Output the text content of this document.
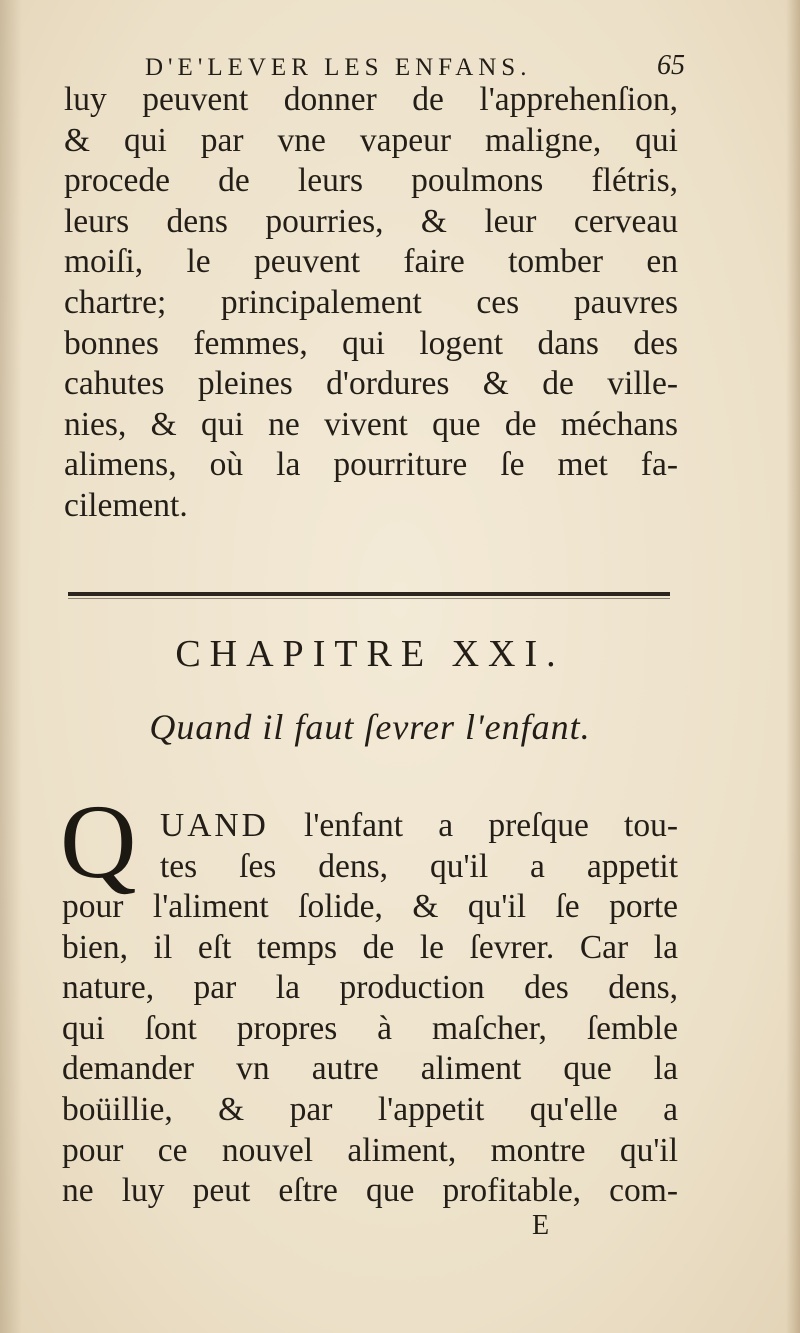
D'E'LEVER LES ENFANS.	65
luy peuvent donner de l'apprehenſion,
& qui par vne vapeur maligne, qui
procede de leurs poulmons flétris,
leurs dens pourries, & leur cerveau
moiſi, le peuvent faire tomber en
chartre; principalement ces pauvres
bonnes femmes, qui logent dans des
cahutes pleines d'ordures & de ville-
nies, & qui ne vivent que de méchans
alimens, où la pourriture ſe met fa-
cilement.
CHAPITRE XXI.
Quand il faut ſevrer l'enfant.
Q UAND l'enfant a preſque tou-
tes ſes dens, qu'il a appetit
pour l'aliment ſolide, & qu'il ſe porte
bien, il eſt temps de le ſevrer. Car la
nature, par la production des dens,
qui ſont propres à maſcher, ſemble
demander vn autre aliment que la
boüillie, & par l'appetit qu'elle a
pour ce nouvel aliment, montre qu'il
ne luy peut eſtre que profitable, com-
E
